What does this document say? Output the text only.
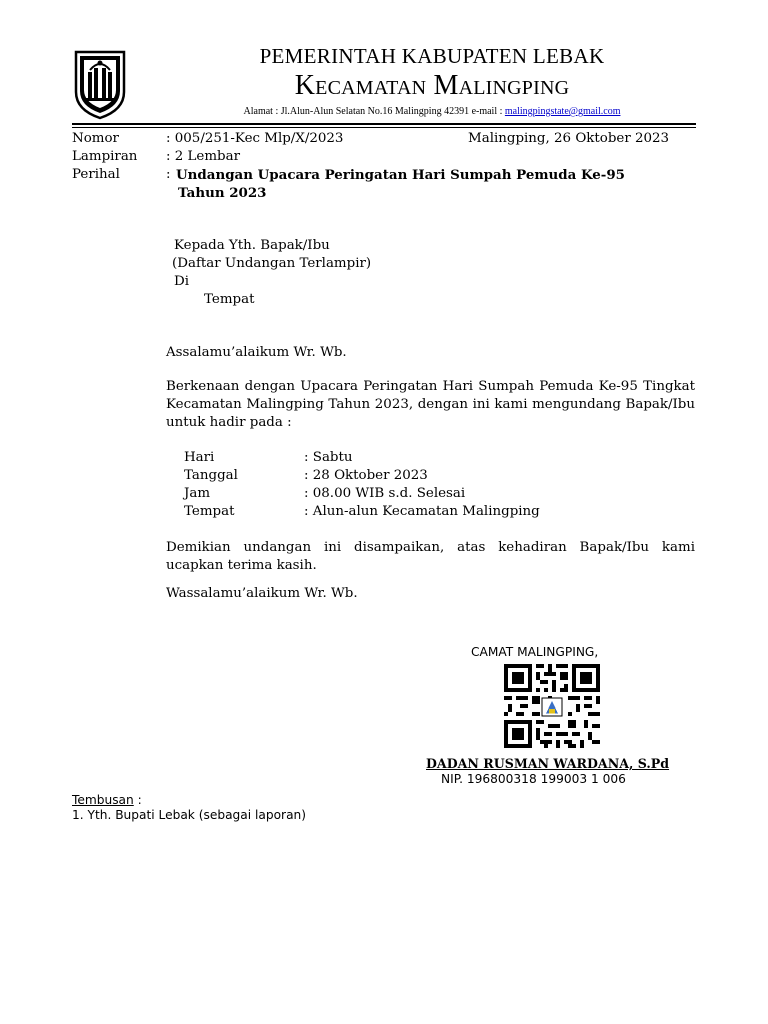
PEMERINTAH KABUPATEN LEBAK
Kecamatan Malingping
Alamat : Jl.Alun-Alun Selatan No.16 Malingping 42391 e-mail : malingpingstate@gmail.com
Nomor	: 005/251-Kec Mlp/X/2023	Malingping, 26 Oktober 2023
Lampiran : 2 Lembar
Perihal	: Undangan Upacara Peringatan Hari Sumpah Pemuda Ke-95
Tahun 2023
Kepada Yth. Bapak/Ibu
(Daftar Undangan Terlampir)
Di
Tempat
Assalamu’alaikum Wr. Wb.
Berkenaan dengan Upacara Peringatan Hari Sumpah Pemuda Ke-95 Tingkat Kecamatan Malingping Tahun 2023, dengan ini kami mengundang Bapak/Ibu untuk hadir pada :
Hari	: Sabtu
Tanggal	: 28 Oktober 2023
Jam	: 08.00 WIB s.d. Selesai
Tempat	: Alun-alun Kecamatan Malingping
Demikian undangan ini disampaikan, atas kehadiran Bapak/Ibu kami ucapkan terima kasih.
Wassalamu’alaikum Wr. Wb.
CAMAT MALINGPING,
DADAN RUSMAN WARDANA, S.Pd
NIP. 196800318 199003 1 006
Tembusan :
1. Yth. Bupati Lebak (sebagai laporan)
